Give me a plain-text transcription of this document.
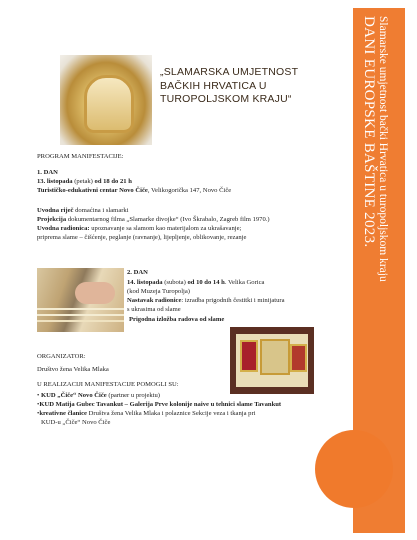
DANI EUROPSKE BAŠTINE 2023. Slamarske umjetnost bački Hrvatica u turopoljskom kraju
„SLAMARSKA UMJETNOST
BAČKIH HRVATICA U
TUROPOLJSKOM KRAJU“
PROGRAM MANIFESTACIJE:
1. DAN
13. listopada (petak) od 18 do 21 h
Turističko-edukativni centar Novo Čiče, Velikogorička 147, Novo Čiče
Uvodna riječ domaćina i slamarki
Projekcija dokumentarnog filma „Slamarke divojke“ (Ivo Škrabalo, Zagreb film 1970.)
Uvodna radionica: upoznavanje sa slamom kao materijalom za ukrašavanje;
priprema slame – čišćenje, peglanje (ravnanje), lijepljenje, oblikovanje, rezanje
2. DAN
14. listopada (subota) od 10 do 14 h. Velika Gorica
(kod Muzeja Turopolja)
Nastavak radionice: izradba prigodnih čestitki i minijatura
s ukrasima od slame
Prigodna izložba radova od slame
ORGANIZATOR:
Društvo žena Velika Mlaka
U REALIZACIJI MANIFESTACIJE POMOGLI SU:
• KUD „Čiče“ Novo Čiče (partner u projektu)
•KUD Matija Gubec Tavankut – Galerija Prve kolonije naive u tehnici slame Tavankut
•kreativne članice Društva žena Velika Mlaka i polaznice Sekcije veza i tkanja pri
KUD-u „Čiče“ Novo Čiče
